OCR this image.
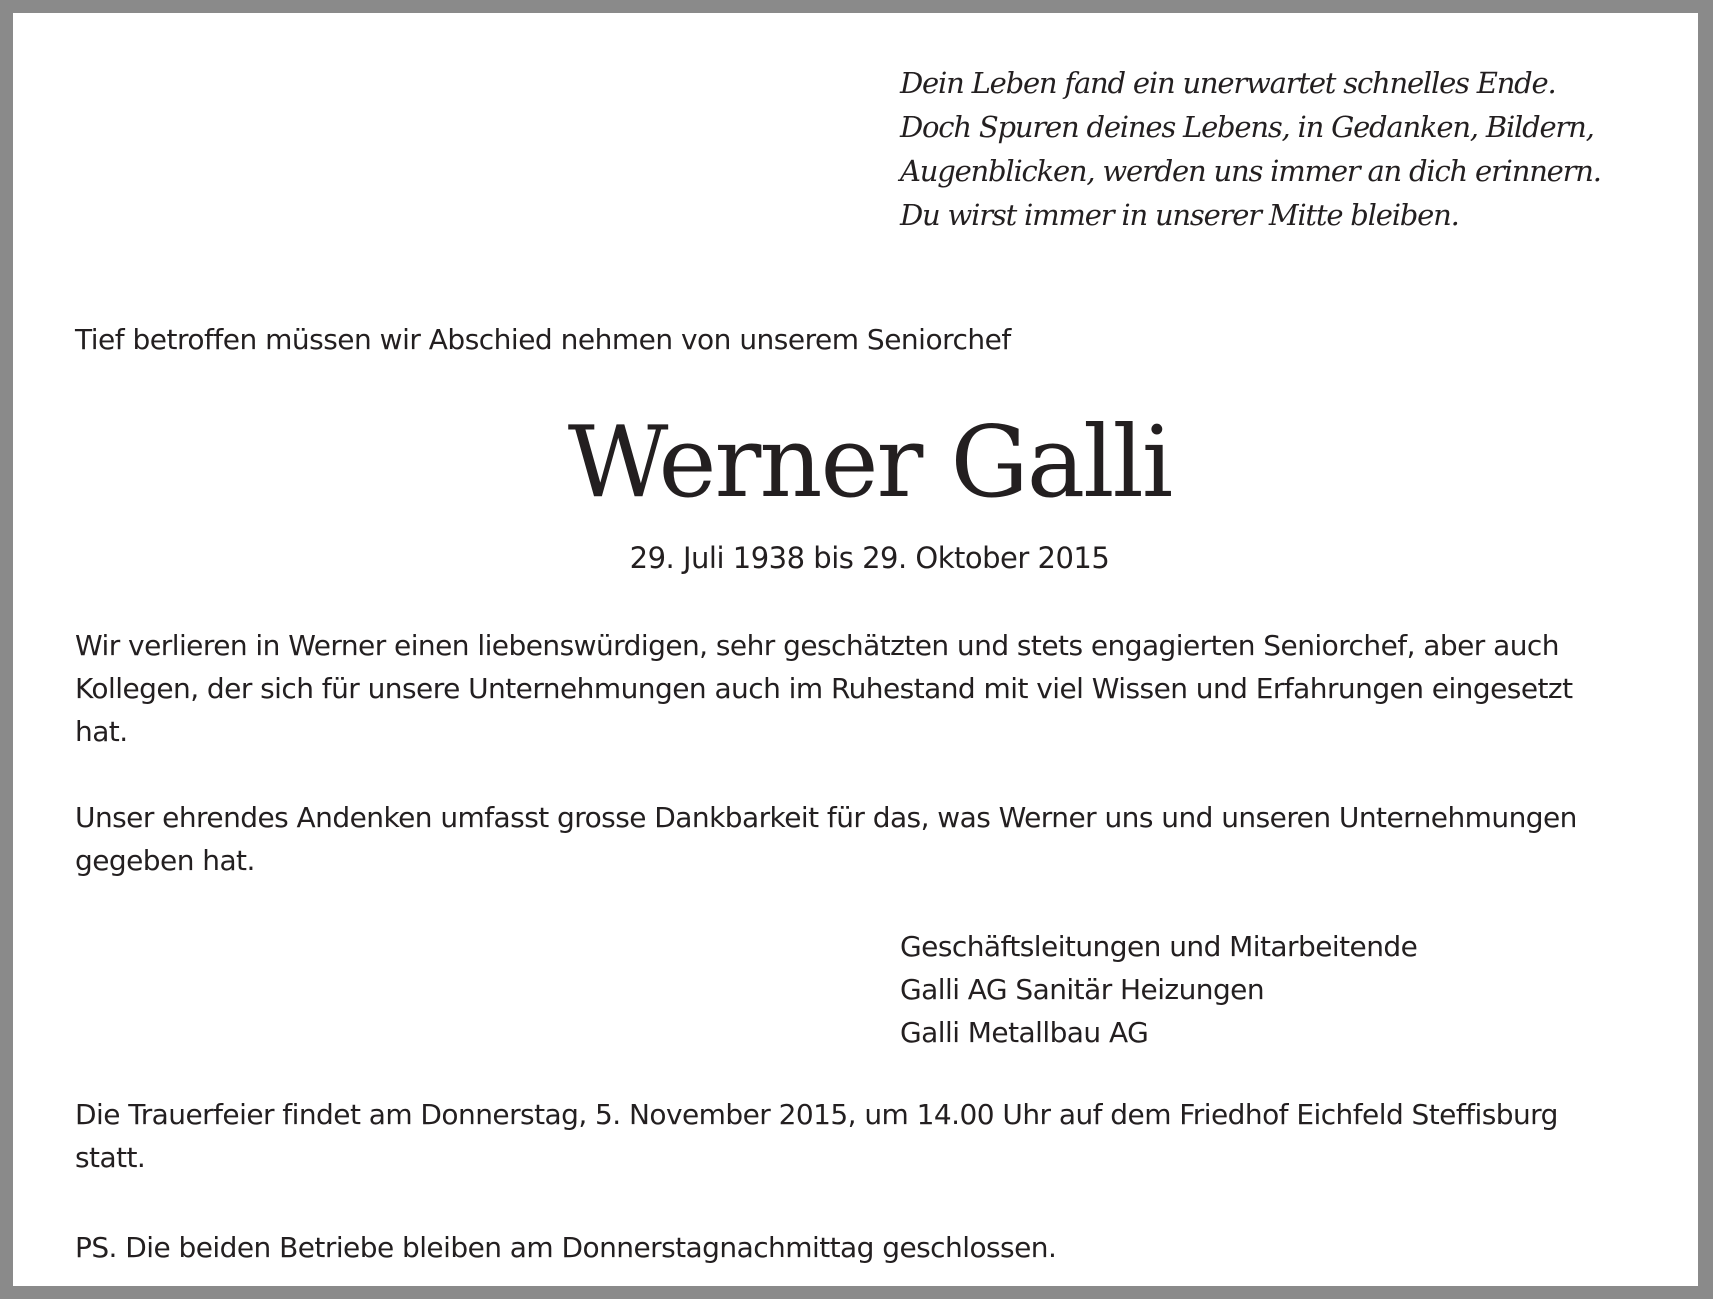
Dein Leben fand ein unerwartet schnelles Ende.
Doch Spuren deines Lebens, in Gedanken, Bildern,
Augenblicken, werden uns immer an dich erinnern.
Du wirst immer in unserer Mitte bleiben.
Tief betroffen müssen wir Abschied nehmen von unserem Seniorchef
Werner Galli
29. Juli 1938 bis 29. Oktober 2015
Wir verlieren in Werner einen liebenswürdigen, sehr geschätzten und stets engagierten Seniorchef, aber auch
Kollegen, der sich für unsere Unternehmungen auch im Ruhestand mit viel Wissen und Erfahrungen eingesetzt
hat.
Unser ehrendes Andenken umfasst grosse Dankbarkeit für das, was Werner uns und unseren Unternehmungen
gegeben hat.
Geschäftsleitungen und Mitarbeitende
Galli AG Sanitär Heizungen
Galli Metallbau AG
Die Trauerfeier findet am Donnerstag, 5. November 2015, um 14.00 Uhr auf dem Friedhof Eichfeld Steffisburg
statt.
PS. Die beiden Betriebe bleiben am Donnerstagnachmittag geschlossen.
